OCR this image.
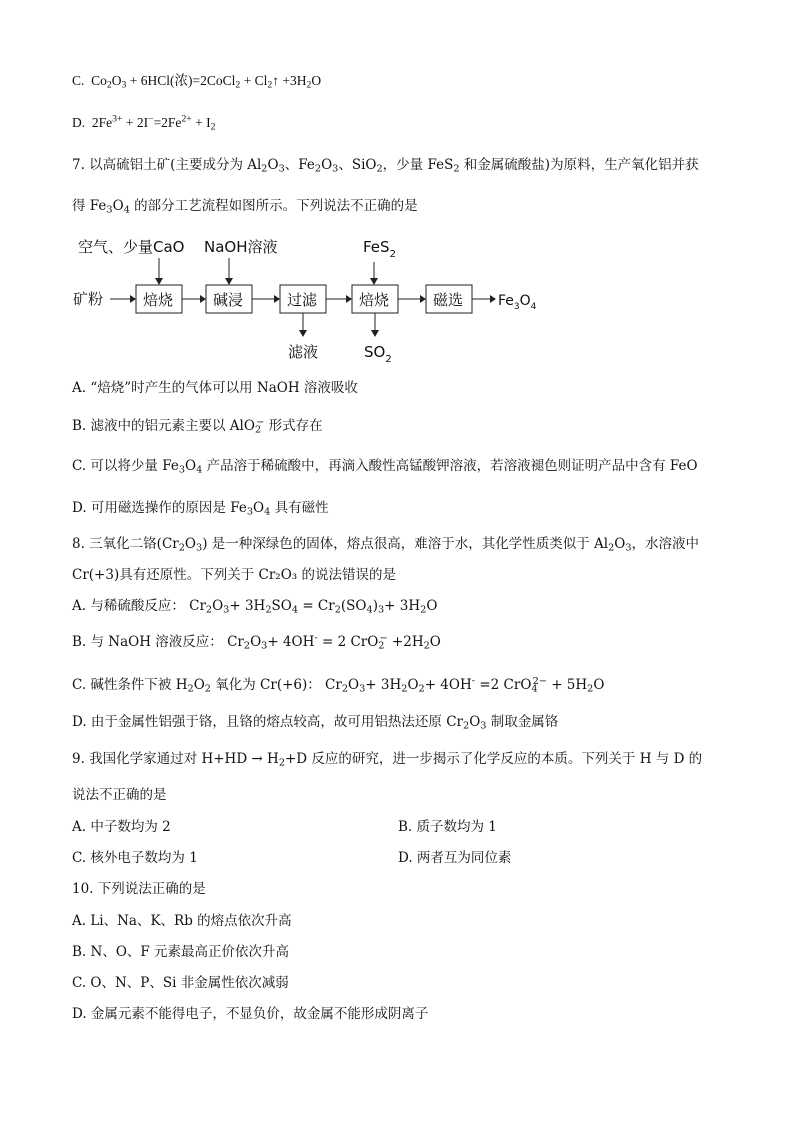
C. $Co_2O_3 + 6HCl$(浓)=2CoCl$_2$ + $Cl_2↑ +3H_2O$
D. $2Fe^{3+} + 2I^-=2Fe^{2+} + I_2$
7. 以高硫铝土矿(主要成分为 $Al_2O_3$、$Fe_2O_3$、SiO$_2$，少量 FeS$_2$ 和金属硫酸盐)为原料，生产氧化铝并获
得 $Fe_3O_4$ 的部分工艺流程如图所示。下列说法不正确的是
空气、少量CaO NaOH溶液	FeS$_2$
矿粉	焙烧	碱浸	过滤	焙烧	磁选 $Fe_3O_4$
滤液	$SO_2$
A. “焙烧”时产生的气体可以用 NaOH 溶液吸收
B. 滤液中的铝元素主要以 AlO$_2$− 形式存在
C. 可以将少量 $Fe_3O_4$ 产品溶于稀硫酸中，再滴入酸性高锰酸钾溶液，若溶液褪色则证明产品中含有 FeO
D. 可用磁选操作的原因是 $Fe_3O_4$ 具有磁性
8. 三氧化二铬$(Cr_2O_3)$ 是一种深绿色的固体，熔点很高，难溶于水，其化学性质类似于 $Al_2O_3$，水溶液中
Cr(+3)具有还原性。下列关于 Cr₂O₃ 的说法错误的是
A. 与稀硫酸反应： $Cr_2O_3+ 3H_2SO_4 = Cr_2(SO_4)_3+ 3H_2O$
B. 与 NaOH 溶液反应： $Cr_2O_3+ 4OH^- = 2$ $CrO_2^- +2H_2O$
C. 碱性条件下被 $H_2O_2$ 氧化为 Cr(+6)： $Cr_2O_3+ 3H_2O_2+ 4OH^- =2$ $CrO_4^{2-} + 5H_2O$
D. 由于金属性铝强于铬，且铬的熔点较高，故可用铝热法还原 $Cr_2O_3$ 制取金属铬
9. 我国化学家通过对 $H+HD \to H_2+D$ 反应的研究，进一步揭示了化学反应的本质。下列关于 H 与 D 的
说法不正确的是
A. 中子数均为 2	B. 质子数均为 1
C. 核外电子数均为 1	D. 两者互为同位素
10. 下列说法正确的是
A. Li、Na、K、Rb 的熔点依次升高
B. N、O、F 元素最高正价依次升高
C. O、N、P、Si 非金属性依次减弱
D. 金属元素不能得电子，不显负价，故金属不能形成阴离子
